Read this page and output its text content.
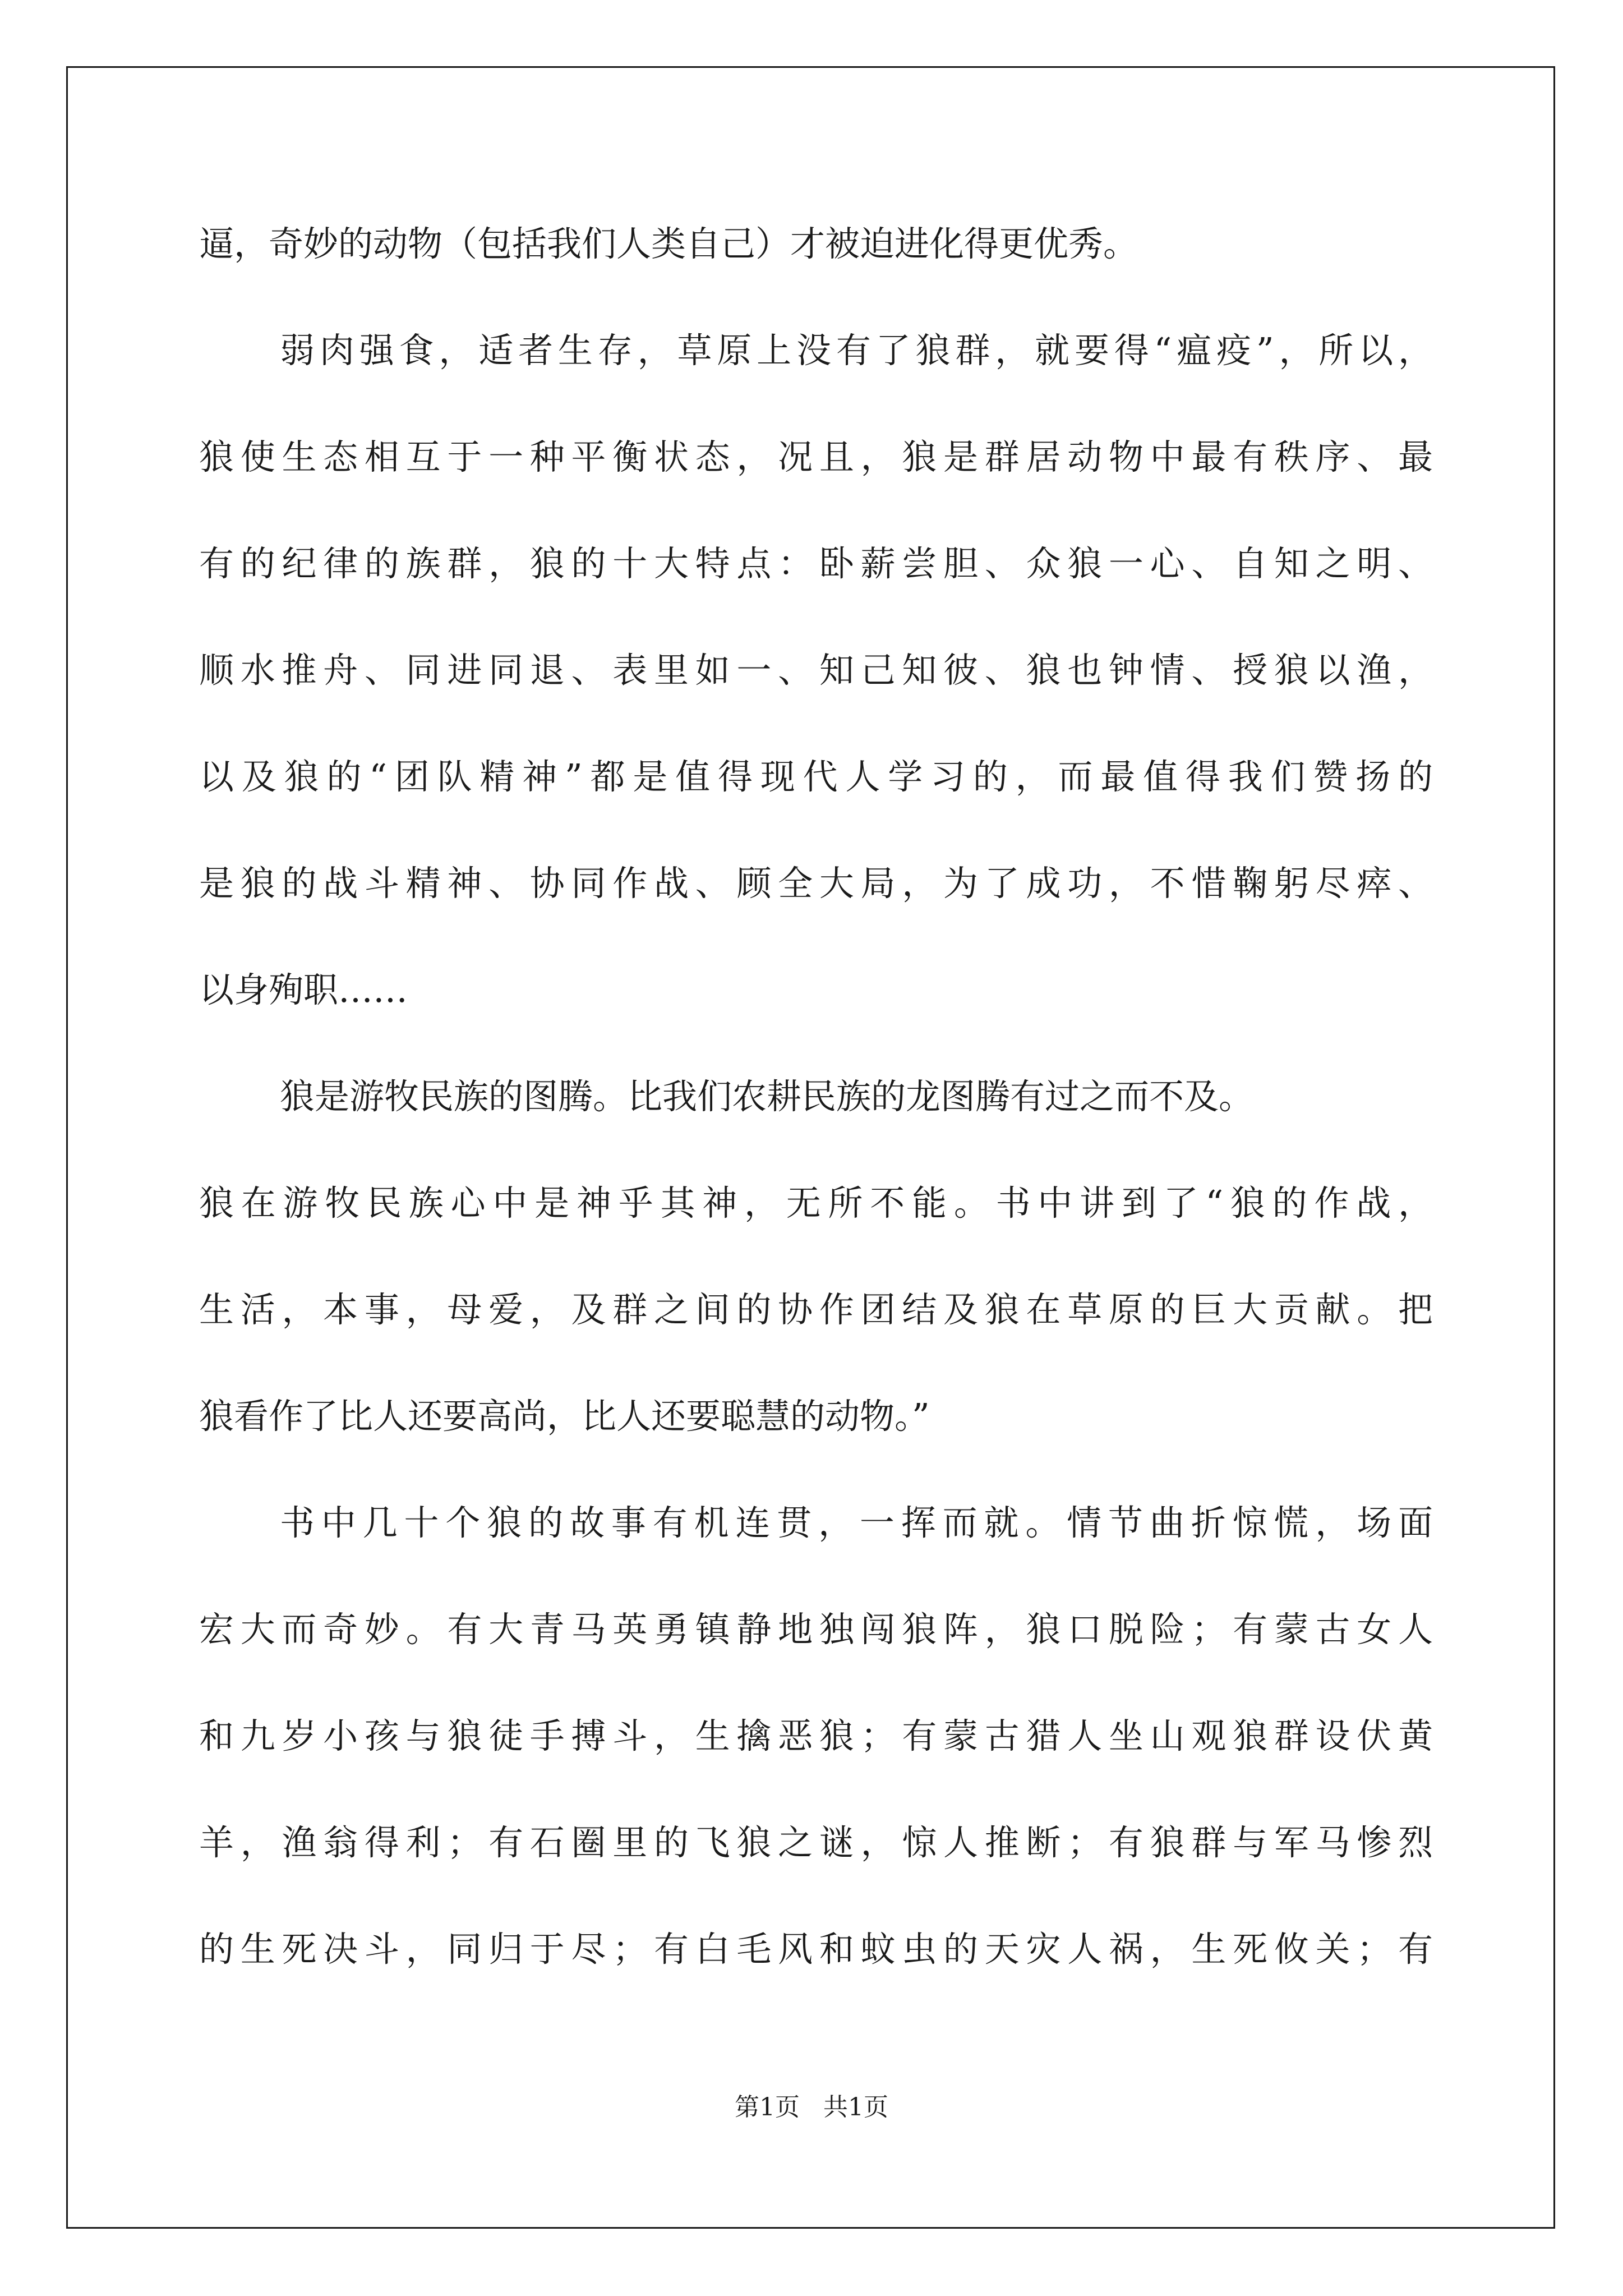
逼，奇妙的动物（包括我们人类自己）才被迫进化得更优秀。
弱肉强食，适者生存，草原上没有了狼群，就要得“瘟疫”，所以，
狼使生态相互于一种平衡状态，况且，狼是群居动物中最有秩序、最
有的纪律的族群，狼的十大特点：卧薪尝胆、众狼一心、自知之明、
顺水推舟、同进同退、表里如一、知己知彼、狼也钟情、授狼以渔，
以及狼的“团队精神”都是值得现代人学习的，而最值得我们赞扬的
是狼的战斗精神、协同作战、顾全大局，为了成功，不惜鞠躬尽瘁、
以身殉职……
狼是游牧民族的图腾。比我们农耕民族的龙图腾有过之而不及。
狼在游牧民族心中是神乎其神，无所不能。书中讲到了“狼的作战，
生活，本事，母爱，及群之间的协作团结及狼在草原的巨大贡献。把
狼看作了比人还要高尚，比人还要聪慧的动物。”
书中几十个狼的故事有机连贯，一挥而就。情节曲折惊慌，场面
宏大而奇妙。有大青马英勇镇静地独闯狼阵，狼口脱险；有蒙古女人
和九岁小孩与狼徒手搏斗，生擒恶狼；有蒙古猎人坐山观狼群设伏黄
羊，渔翁得利；有石圈里的飞狼之谜，惊人推断；有狼群与军马惨烈
的生死决斗，同归于尽；有白毛风和蚊虫的天灾人祸，生死攸关；有
第1页   共1页
